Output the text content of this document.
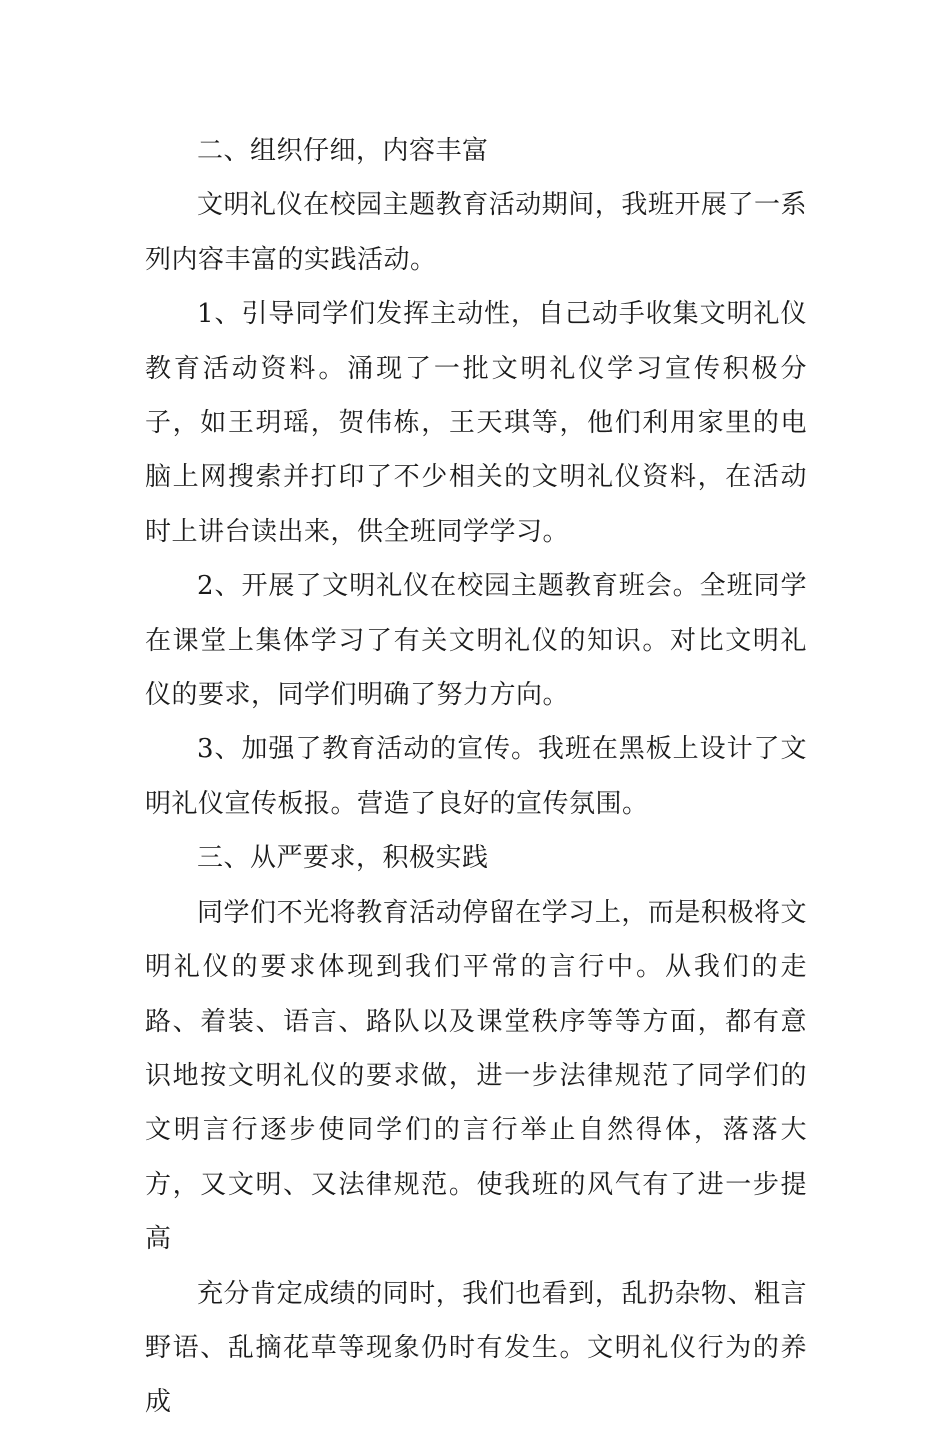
二、组织仔细，内容丰富

文明礼仪在校园主题教育活动期间，我班开展了一系列内容丰富的实践活动。

1、引导同学们发挥主动性，自己动手收集文明礼仪教育活动资料。涌现了一批文明礼仪学习宣传积极分子，如王玥瑶，贺伟栋，王天琪等，他们利用家里的电脑上网搜索并打印了不少相关的文明礼仪资料，在活动时上讲台读出来，供全班同学学习。

2、开展了文明礼仪在校园主题教育班会。全班同学在课堂上集体学习了有关文明礼仪的知识。对比文明礼仪的要求，同学们明确了努力方向。

3、加强了教育活动的宣传。我班在黑板上设计了文明礼仪宣传板报。营造了良好的宣传氛围。

三、从严要求，积极实践

同学们不光将教育活动停留在学习上，而是积极将文明礼仪的要求体现到我们平常的言行中。从我们的走路、着装、语言、路队以及课堂秩序等等方面，都有意识地按文明礼仪的要求做，进一步法律规范了同学们的文明言行逐步使同学们的言行举止自然得体，落落大方，又文明、又法律规范。使我班的风气有了进一步提高

充分肯定成绩的同时，我们也看到，乱扔杂物、粗言野语、乱摘花草等现象仍时有发生。文明礼仪行为的养成
